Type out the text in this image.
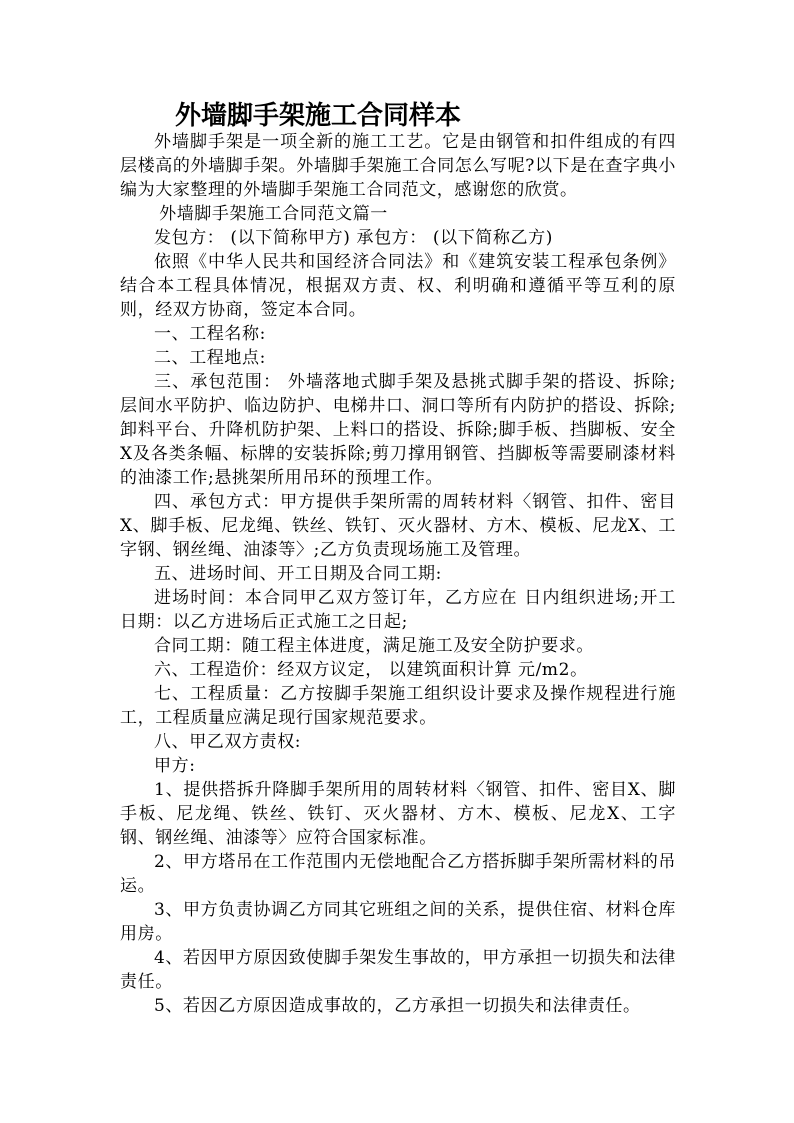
外墙脚手架施工合同样本

外墙脚手架是一项全新的施工工艺。它是由钢管和扣件组成的有四层楼高的外墙脚手架。外墙脚手架施工合同怎么写呢?以下是在查字典小编为大家整理的外墙脚手架施工合同范文，感谢您的欣赏。

外墙脚手架施工合同范文篇一

发包方： (以下简称甲方) 承包方： (以下简称乙方)

依照《中华人民共和国经济合同法》和《建筑安装工程承包条例》结合本工程具体情况，根据双方责、权、利明确和遵循平等互利的原则，经双方协商，签定本合同。

一、工程名称:

二、工程地点:

三、承包范围： 外墙落地式脚手架及悬挑式脚手架的搭设、拆除;层间水平防护、临边防护、电梯井口、洞口等所有内防护的搭设、拆除;卸料平台、升降机防护架、上料口的搭设、拆除;脚手板、挡脚板、安全X及各类条幅、标牌的安装拆除;剪刀撑用钢管、挡脚板等需要刷漆材料的油漆工作;悬挑架所用吊环的预埋工作。

四、承包方式：甲方提供手架所需的周转材料〈钢管、扣件、密目X、脚手板、尼龙绳、铁丝、铁钉、灭火器材、方木、模板、尼龙X、工字钢、钢丝绳、油漆等〉;乙方负责现场施工及管理。

五、进场时间、开工日期及合同工期:

进场时间：本合同甲乙双方签订年，乙方应在 日内组织进场;开工日期：以乙方进场后正式施工之日起;

合同工期：随工程主体进度，满足施工及安全防护要求。

六、工程造价：经双方议定， 以建筑面积计算 元/m2。

七、工程质量：乙方按脚手架施工组织设计要求及操作规程进行施工，工程质量应满足现行国家规范要求。

八、甲乙双方责权:

甲方:

1、提供搭拆升降脚手架所用的周转材料〈钢管、扣件、密目X、脚手板、尼龙绳、铁丝、铁钉、灭火器材、方木、模板、尼龙X、工字钢、钢丝绳、油漆等〉应符合国家标准。

2、甲方塔吊在工作范围内无偿地配合乙方搭拆脚手架所需材料的吊运。

3、甲方负责协调乙方同其它班组之间的关系，提供住宿、材料仓库用房。

4、若因甲方原因致使脚手架发生事故的，甲方承担一切损失和法律责任。

5、若因乙方原因造成事故的，乙方承担一切损失和法律责任。
